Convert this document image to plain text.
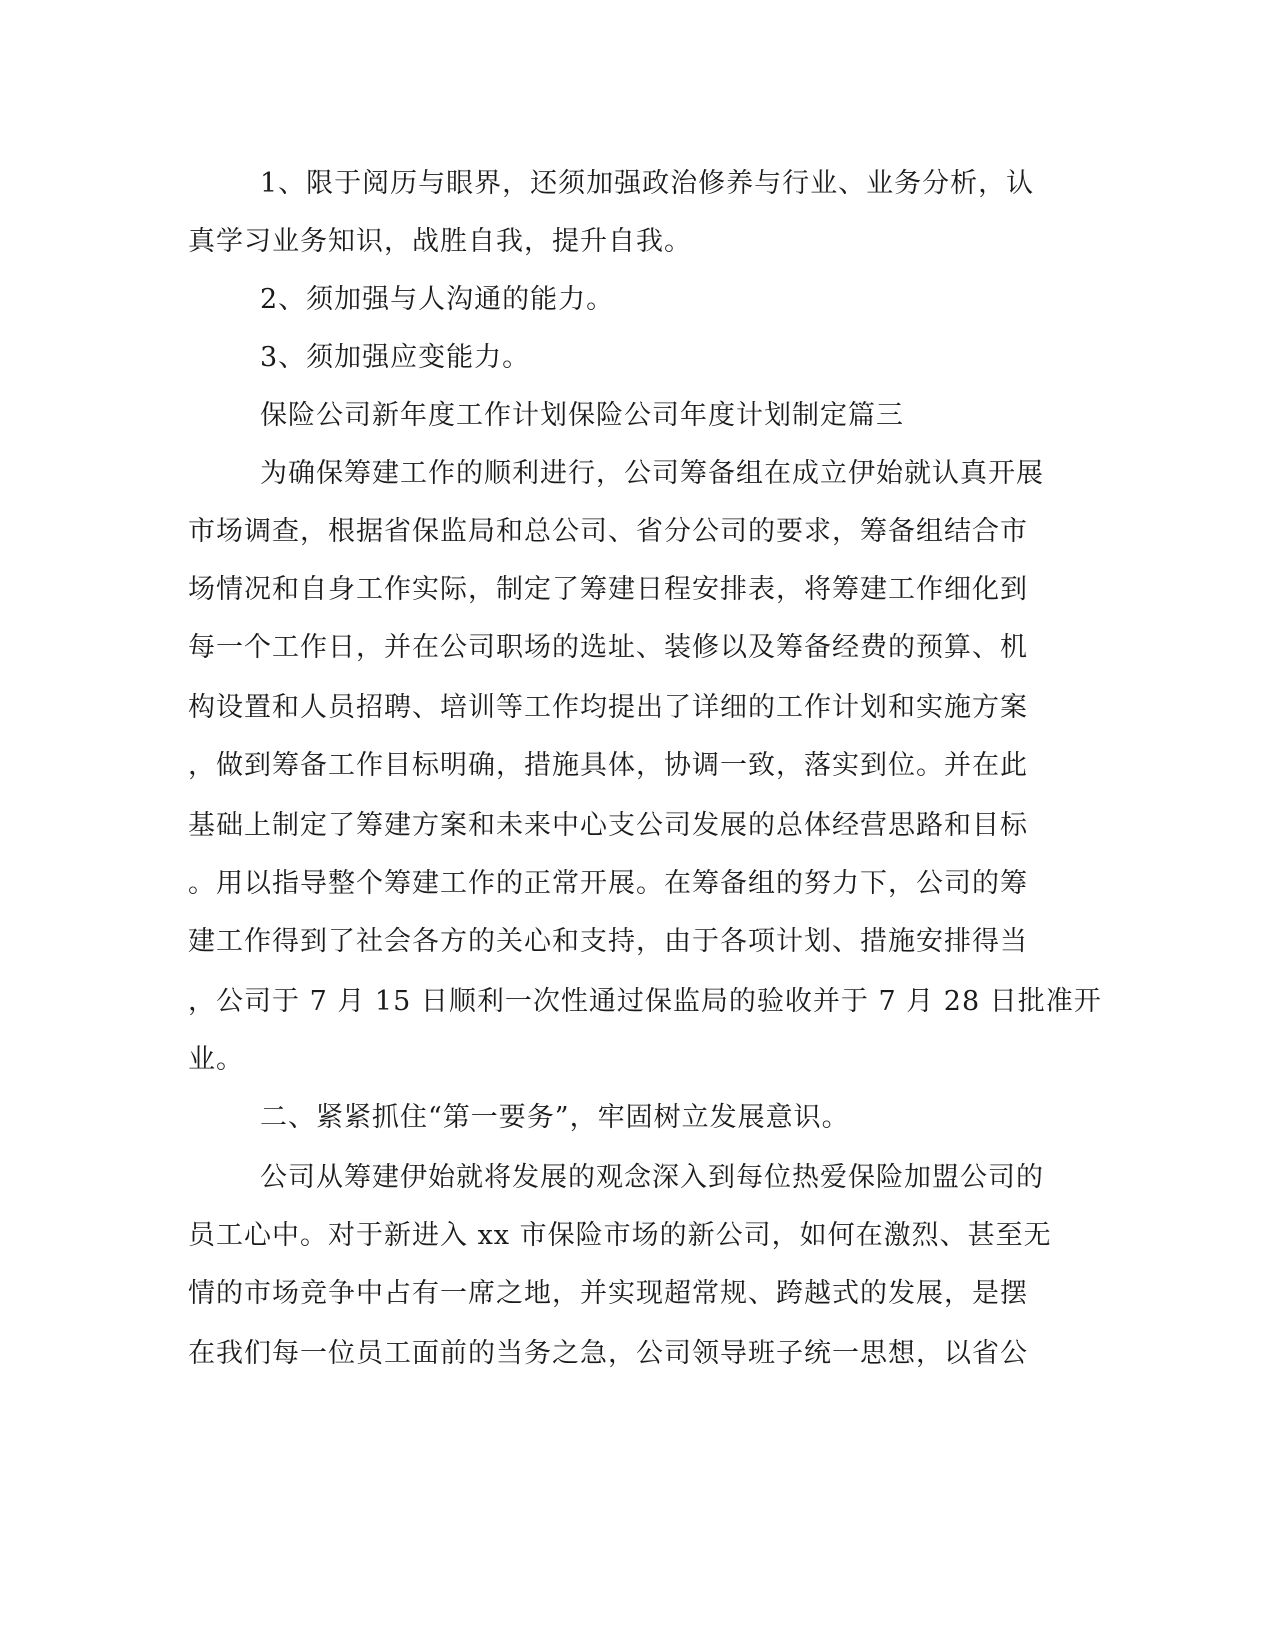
1、限于阅历与眼界，还须加强政治修养与行业、业务分析，认

真学习业务知识，战胜自我，提升自我。

2、须加强与人沟通的能力。

3、须加强应变能力。

保险公司新年度工作计划保险公司年度计划制定篇三

为确保筹建工作的顺利进行，公司筹备组在成立伊始就认真开展

市场调查，根据省保监局和总公司、省分公司的要求，筹备组结合市

场情况和自身工作实际，制定了筹建日程安排表，将筹建工作细化到

每一个工作日，并在公司职场的选址、装修以及筹备经费的预算、机

构设置和人员招聘、培训等工作均提出了详细的工作计划和实施方案

，做到筹备工作目标明确，措施具体，协调一致，落实到位。并在此

基础上制定了筹建方案和未来中心支公司发展的总体经营思路和目标

。用以指导整个筹建工作的正常开展。在筹备组的努力下，公司的筹

建工作得到了社会各方的关心和支持，由于各项计划、措施安排得当

，公司于 7 月 15 日顺利一次性通过保监局的验收并于 7 月 28 日批准开

业。

二、紧紧抓住“第一要务”，牢固树立发展意识。

公司从筹建伊始就将发展的观念深入到每位热爱保险加盟公司的

员工心中。对于新进入 xx 市保险市场的新公司，如何在激烈、甚至无

情的市场竞争中占有一席之地，并实现超常规、跨越式的发展，是摆

在我们每一位员工面前的当务之急，公司领导班子统一思想，以省公
